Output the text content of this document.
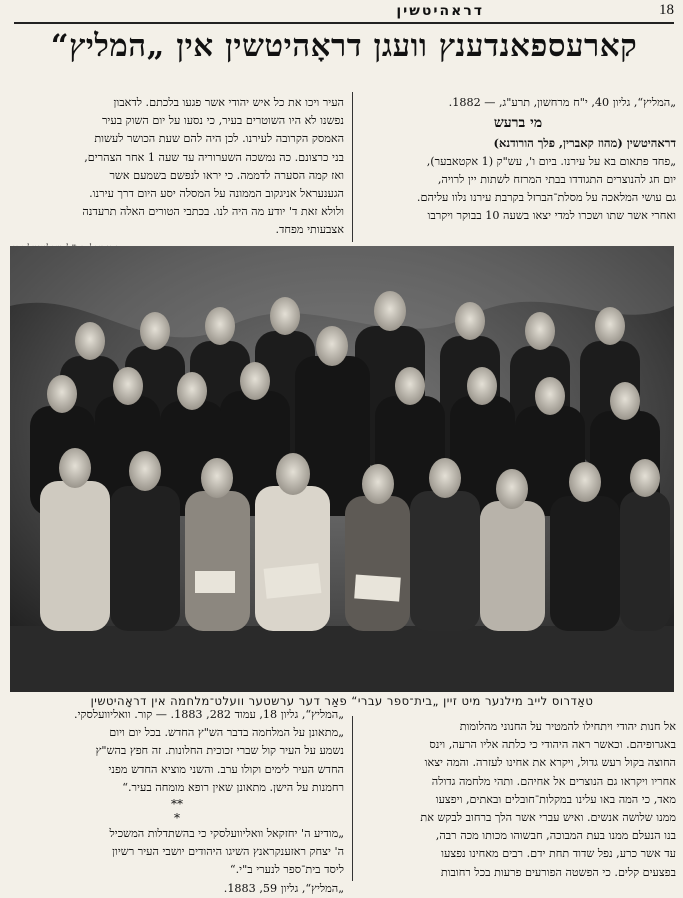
דראהיטשין	18
קארעספאנדענץ וועגן דראָהיטשין אין „המליץ“

„המליץ“, גליון 40, י"ח מרחשון, תרע"ג, — 1882.

מי ברעש

דראהיטשין (מהוז קאברין, פלך הורודנא)

„פחד פתאום בא על עירנו. ביום ו', עש"ק (1 אקטאבער),

יום חג להנוצרים התגודדו בבתי המרזח לשתות יין לרויה,

גם עושי המלאכה על מסלת־הברזל בקרבת עירנו נלוו עליהם.

ואחרי אשר שתו ושכרו למדי יצאו בשעה 10 בבוקר ויקרבו

העיר ויכו את כל איש יהודי אשר פגעו בלכתם. לדאבון

נפשנו לא היו השוטרים בעיר, כי נסעו על יום השוק בעיר

האמסק הקרובה לעירנו. לכן היה להם שעת הכושר לעשות

בני כרצונם. כה נמשכה השערוריה עד שעה 1 אחר הצהרים,

ואז קמה הסערה לדממה. כי יראו לנפשם בשמעם אשר

הגענעראל אניגקוב הממונה על המסלה יסע היום דרך עירנו.

ולולא זאת ד' יודע מה היה לנו. בכתבי הטורים האלה תרעדנה

אצבעותי מפחד.

טאַדרוס לייב מילנער מיט זיין „בית־ספר עברי“ פאַר דער ערשטער וועלט־מלחמה אין דראָהיטשין

אל חנות יהודי ויתחילו להמטיר על החנוני מהלומות

באגרופיהם. וכאשר ראה היהודי כי כלתה אליו הרעה, וינס

החוצה בקול רעש גדול, ויקרא את אחינו לעזרה. והמה יצאו

אחריו ויקראו גם הנוצרים אל אחיהם. ותהי מלחמה גדולה

מאד, כי המה באו עלינו במקלות־חובלים ובאתים, ויפצעו

ממנו שלושה אנשים. ואיש עברי אשר הלך ברחוב לבקש את

בנו הנעלם ממנו בעת המבוכה, חבשוהו מכותו מכה רבה,

עד אשר כרע, נפל שדוד תחת ידם. רבים מאחינו נפצעו

בפצעים קלים. כי הפשטה הפורעים פרעות בכל רחובות

„המליץ“, גליון 18, עמוד 282, 1883. — קור. וואליוועלסקי.

„מתאונן על המלחמה בדבר הש"ץ החדש. בכל יום ויום

נשמע על העיר קול שברי זכוכית החלונות. זה חפץ בהש"ץ

החדש העיר לימים וקולו ערב. והשני מוציא החדש מפני

רחמנות על הישן. מתאונן שאין רופא מומחה בעיר.“

**
*

„מודיע ה' יחזקאל וואליוועלסקי כי בהשתדלות המשכיל

ה' יצחק ראזענקראנץ השיגו היהודים יושבי העיר רשיון

ליסד בית־ספר לנערי ב"י.“

„המליץ“, גליון 59, 1883.
